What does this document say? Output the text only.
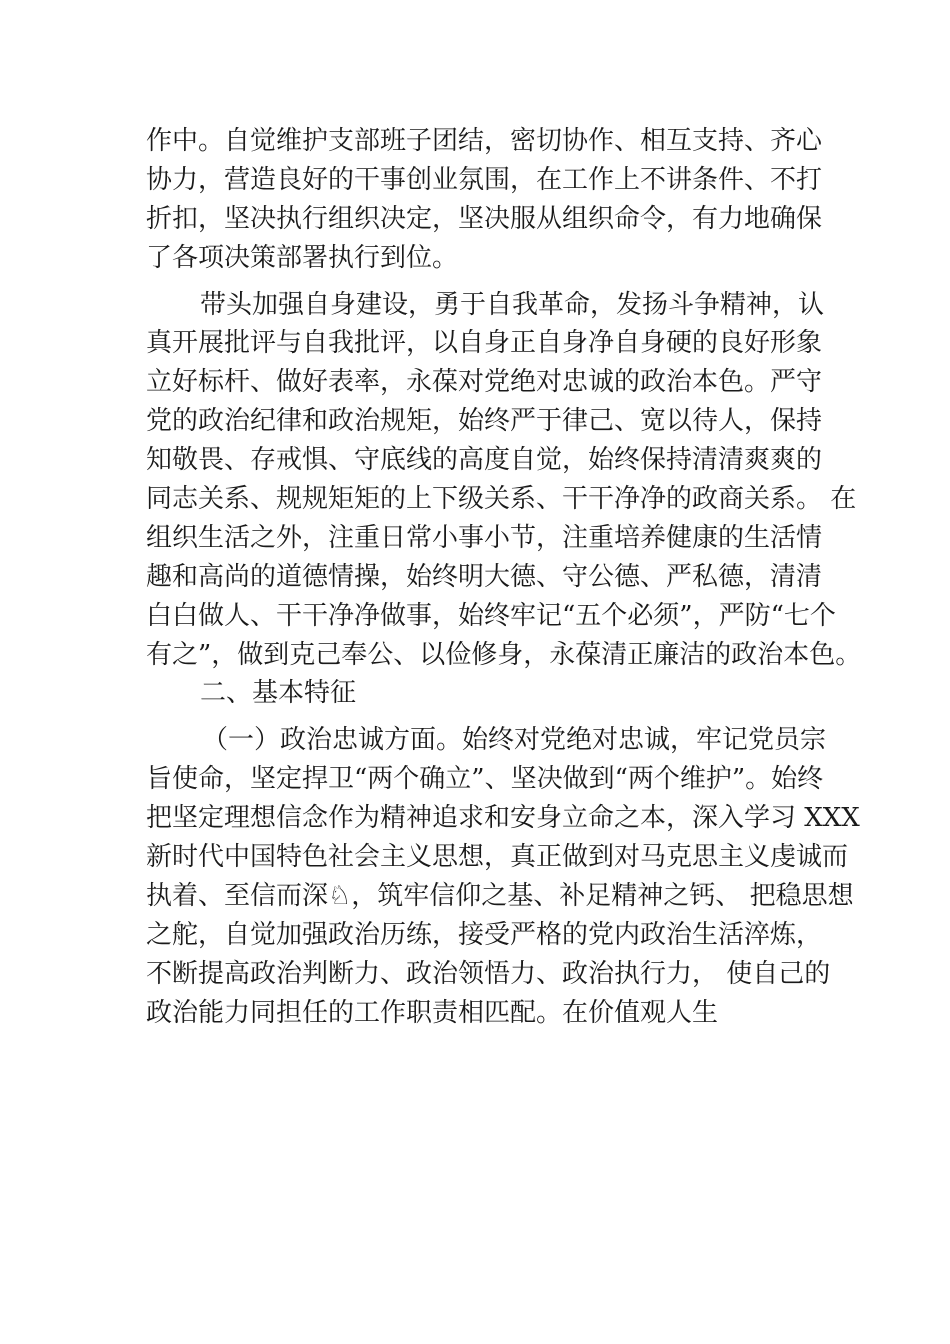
作中。自觉维护支部班子团结，密切协作、相互支持、齐心
协力，营造良好的干事创业氛围，在工作上不讲条件、不打
折扣，坚决执行组织决定，坚决服从组织命令，有力地确保
了各项决策部署执行到位。
带头加强自身建设，勇于自我革命，发扬斗争精神，认
真开展批评与自我批评，以自身正自身净自身硬的良好形象
立好标杆、做好表率，永葆对党绝对忠诚的政治本色。严守
党的政治纪律和政治规矩，始终严于律己、宽以待人，保持
知敬畏、存戒惧、守底线的高度自觉，始终保持清清爽爽的
同志关系、规规矩矩的上下级关系、干干净净的政商关系。 在
组织生活之外，注重日常小事小节，注重培养健康的生活情
趣和高尚的道德情操，始终明大德、守公德、严私德，清清
白白做人、干干净净做事，始终牢记“五个必须”，严防“七个
有之”，做到克己奉公、以俭修身，永葆清正廉洁的政治本色。
二、基本特征
（一）政治忠诚方面。始终对党绝对忠诚，牢记党员宗
旨使命，坚定捍卫“两个确立”、坚决做到“两个维护”。始终
把坚定理想信念作为精神追求和安身立命之本，深入学习 XXX
新时代中国特色社会主义思想，真正做到对马克思主义虔诚而
执着、至信而深♘，筑牢信仰之基、补足精神之钙、 把稳思想
之舵，自觉加强政治历练，接受严格的党内政治生活淬炼，
不断提高政治判断力、政治领悟力、政治执行力， 使自己的
政治能力同担任的工作职责相匹配。在价值观人生
